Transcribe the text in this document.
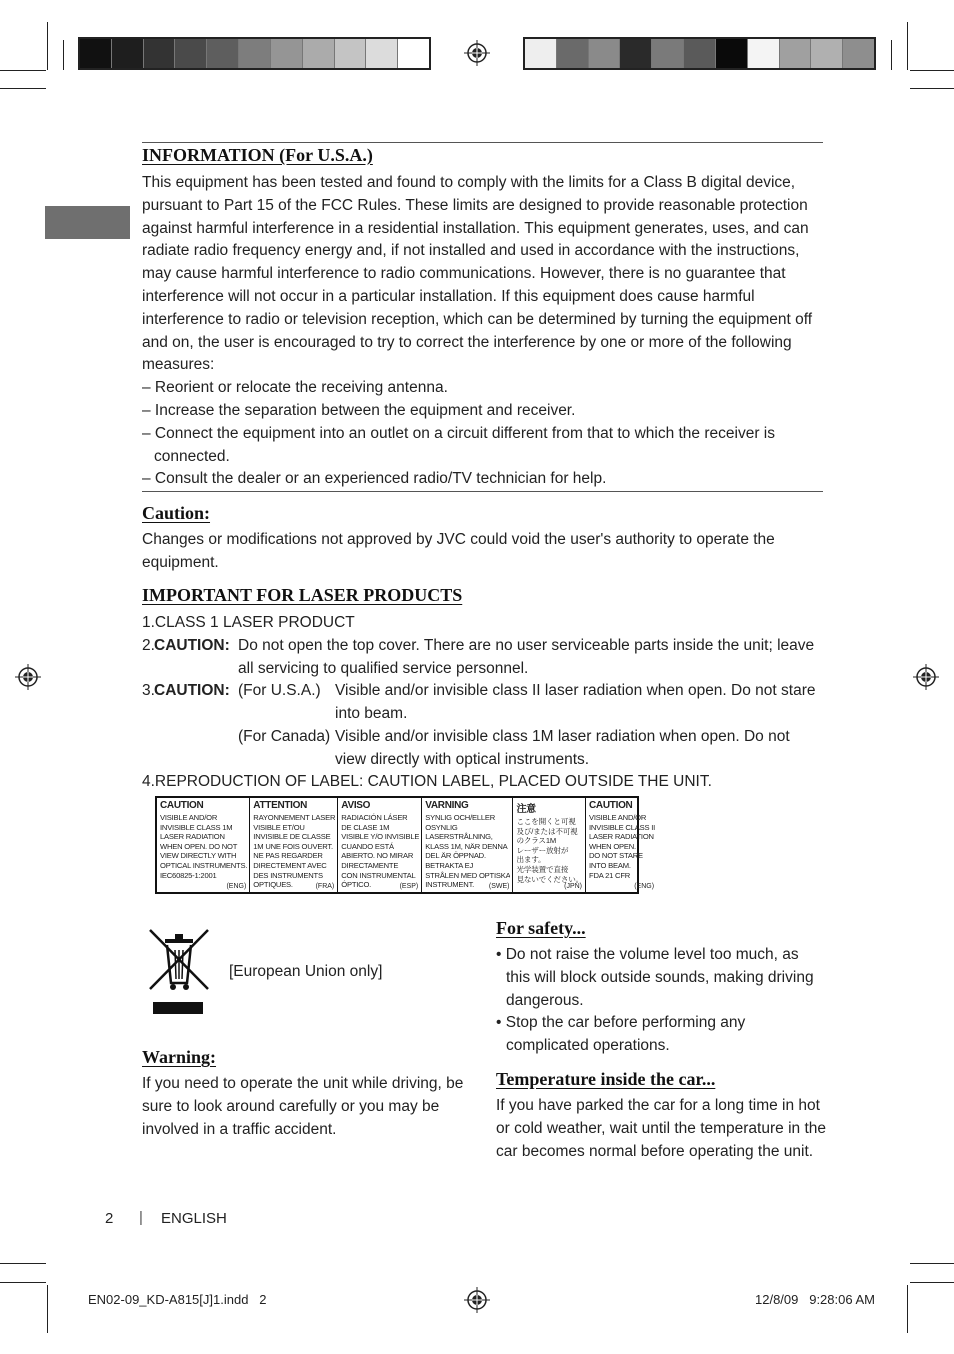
INFORMATION (For U.S.A.)

This equipment has been tested and found to comply with the limits for a Class B digital device, pursuant to Part 15 of the FCC Rules. These limits are designed to provide reasonable protection against harmful interference in a residential installation. This equipment generates, uses, and can radiate radio frequency energy and, if not installed and used in accordance with the instructions, may cause harmful interference to radio communications. However, there is no guarantee that interference will not occur in a particular installation. If this equipment does cause harmful interference to radio or television reception, which can be determined by turning the equipment off and on, the user is encouraged to try to correct the interference by one or more of the following measures:

– Reorient or relocate the receiving antenna.

– Increase the separation between the equipment and receiver.

– Connect the equipment into an outlet on a circuit different from that to which the receiver is connected.

– Consult the dealer or an experienced radio/TV technician for help.

Caution:
Changes or modifications not approved by JVC could void the user's authority to operate the equipment.
IMPORTANT FOR LASER PRODUCTS
1.CLASS 1 LASER PRODUCT
2. CAUTION: Do not open the top cover. There are no user serviceable parts inside the unit; leave all servicing to qualified service personnel.
3. CAUTION: (For U.S.A.) Visible and/or invisible class II laser radiation when open. Do not stare into beam.
(For Canada) Visible and/or invisible class 1M laser radiation when open. Do not view directly with optical instruments.
4.REPRODUCTION OF LABEL: CAUTION LABEL, PLACED OUTSIDE THE UNIT.
CAUTION
VISIBLE AND/OR
INVISIBLE CLASS 1M
LASER RADIATION
WHEN OPEN. DO NOT
VIEW DIRECTLY WITH
OPTICAL INSTRUMENTS.
IEC60825-1:2001
(ENG)
ATTENTION
RAYONNEMENT LASER
VISIBLE ET/OU
INVISIBLE DE CLASSE
1M UNE FOIS OUVERT.
NE PAS REGARDER
DIRECTEMENT AVEC
DES INSTRUMENTS
OPTIQUES.	(FRA)
AVISO
RADIACIÓN LÁSER
DE CLASE 1M
VISIBLE Y/O INVISIBLE
CUANDO ESTÁ
ABIERTO. NO MIRAR
DIRECTAMENTE
CON INSTRUMENTAL
ÓPTICO.	(ESP)
VARNING
SYNLIG OCH/ELLER
OSYNLIG
LASERSTRÅLNING,
KLASS 1M, NÄR DENNA
DEL ÄR ÖPPNAD.
BETRAKTA EJ
STRÅLEN MED OPTISKA
INSTRUMENT.	(SWE)
注意
ここを開くと可視
及び/または不可視
のクラス1M
レーザー放射が
出ます。
光学装置で直接
見ないでください。
(JPN)
CAUTION
VISIBLE AND/OR
INVISIBLE CLASS II
LASER RADIATION
WHEN OPEN.
DO NOT STARE
INTO BEAM.
FDA 21 CFR
(ENG)
[European Union only]
Warning:
If you need to operate the unit while driving, be sure to look around carefully or you may be involved in a traffic accident.
For safety...

• Do not raise the volume level too much, as this will block outside sounds, making driving dangerous.

• Stop the car before performing any complicated operations.

Temperature inside the car...
If you have parked the car for a long time in hot or cold weather, wait until the temperature in the car becomes normal before operating the unit.
2 | ENGLISH
EN02-09_KD-A815[J]1.indd   2	12/8/09   9:28:06 AM
